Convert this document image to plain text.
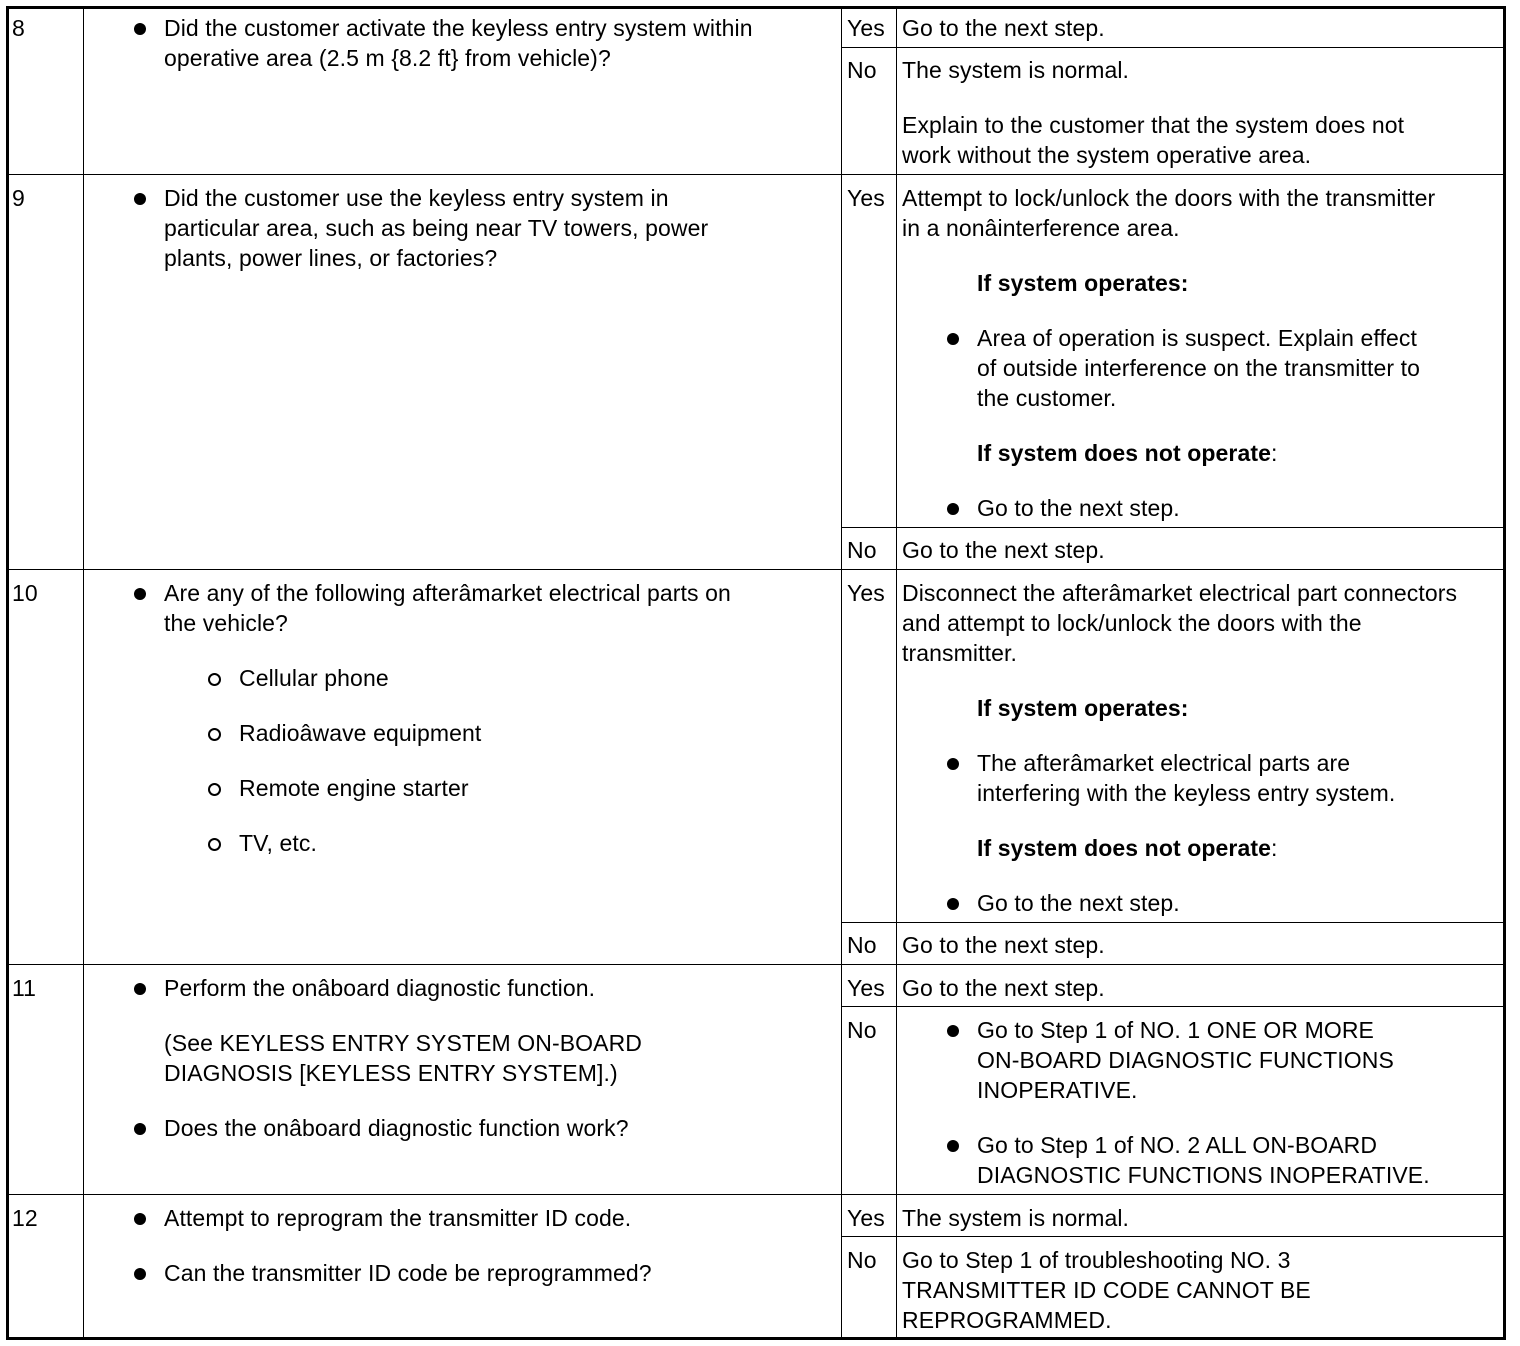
8	Did the customer activate the keyless entry system within
operative area (2.5 m {8.2 ft} from vehicle)?
Yes Go to the next step.
No The system is normal.
Explain to the customer that the system does not
work without the system operative area.
9	Did the customer use the keyless entry system in
particular area, such as being near TV towers, power
plants, power lines, or factories?
Yes Attempt to lock/unlock the doors with the transmitter
in a nonâinterference area.
If system operates:
Area of operation is suspect. Explain effect
of outside interference on the transmitter to
the customer.
If system does not operate:
Go to the next step.
No Go to the next step.
10	Are any of the following afterâmarket electrical parts on
the vehicle?
Cellular phone
Radioâwave equipment
Remote engine starter
TV, etc.
Yes Disconnect the afterâmarket electrical part connectors
and attempt to lock/unlock the doors with the
transmitter.
If system operates:
The afterâmarket electrical parts are
interfering with the keyless entry system.
If system does not operate:
Go to the next step.
No Go to the next step.
11	Perform the onâboard diagnostic function.
(See KEYLESS ENTRY SYSTEM ON-BOARD
DIAGNOSIS [KEYLESS ENTRY SYSTEM].)
Does the onâboard diagnostic function work?
Yes Go to the next step.
No	Go to Step 1 of NO. 1 ONE OR MORE
ON-BOARD DIAGNOSTIC FUNCTIONS
INOPERATIVE.
Go to Step 1 of NO. 2 ALL ON-BOARD
DIAGNOSTIC FUNCTIONS INOPERATIVE.
12	Attempt to reprogram the transmitter ID code.
Can the transmitter ID code be reprogrammed?
Yes The system is normal.
No Go to Step 1 of troubleshooting NO. 3
TRANSMITTER ID CODE CANNOT BE
REPROGRAMMED.
